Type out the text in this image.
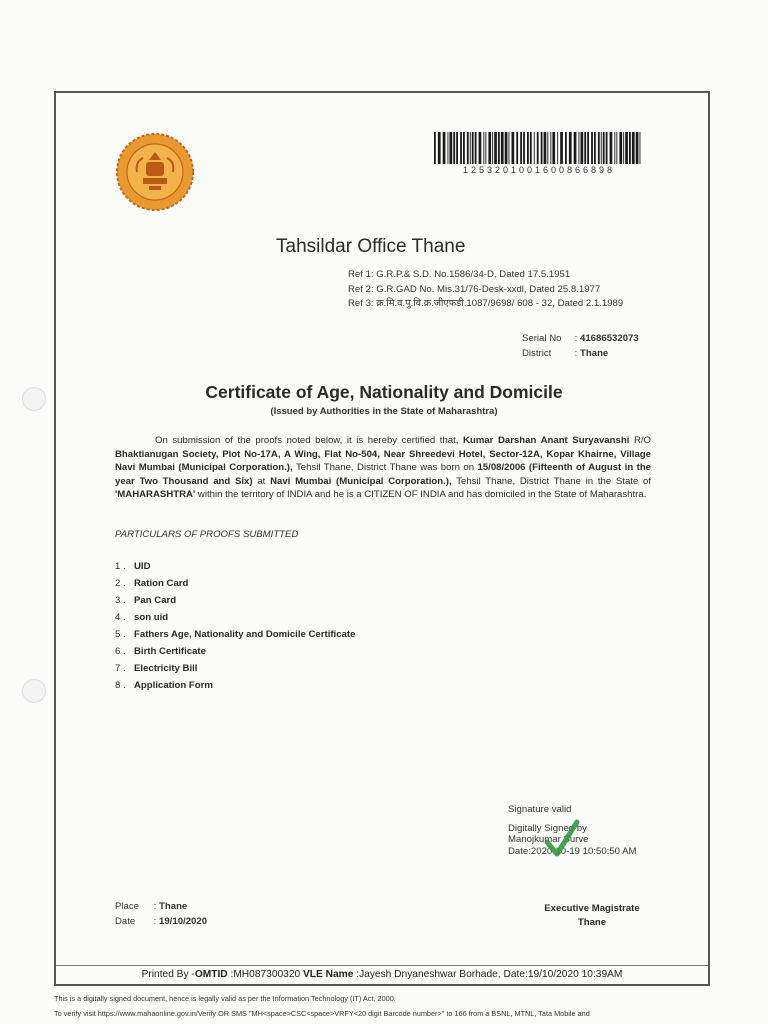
1253201001600866898
Tahsildar Office Thane
Ref 1: G.R.P.& S.D. No.1586/34-D, Dated 17.5.1951
Ref 2: G.R.GAD No. Mis.31/76-Desk-xxdl, Dated 25.8.1977
Ref 3: क्र.मि.व.पु.वि.क्र.जीएफडी.1087/9698/ 608 - 32, Dated 2.1.1989
Serial No : 41686532073
District : Thane
Certificate of Age, Nationality and Domicile
(Issued by Authorities in the State of Maharashtra)
On submission of the proofs noted below, it is hereby certified that, Kumar Darshan Anant Suryavanshi R/O Bhaktianugan Society, Plot No-17A, A Wing, Flat No-504, Near Shreedevi Hotel, Sector-12A, Kopar Khairne, Village Navi Mumbai (Municipal Corporation.), Tehsil Thane, District Thane was born on 15/08/2006 (Fifteenth of August in the year Two Thousand and Six) at Navi Mumbai (Municipal Corporation.), Tehsil Thane, District Thane in the State of 'MAHARASHTRA' within the territory of INDIA and he is a CITIZEN OF INDIA and has domiciled in the State of Maharashtra.
PARTICULARS OF PROOFS SUBMITTED
1 . UID
2 . Ration Card
3 . Pan Card
4 . son uid
5 . Fathers Age, Nationality and Domicile Certificate
6 . Birth Certificate
7 . Electricity Bill
8 . Application Form
Signature valid
Digitally Signed by
Manojkumar Surve
Date:2020-10-19 10:50:50 AM
Place : Thane
Date : 19/10/2020
Executive Magistrate
Thane
Printed By -OMTID :MH087300320 VLE Name :Jayesh Dnyaneshwar Borhade, Date:19/10/2020 10:39AM
This is a digitally signed document, hence is legally valid as per the Information Technology (IT) Act, 2000.
To verify visit https://www.mahaonline.gov.in/Verify OR SMS "MH<space>CSC<space>VRFY<20 digit Barcode number>" to 166 from a BSNL, MTNL, Tata Mobile and
